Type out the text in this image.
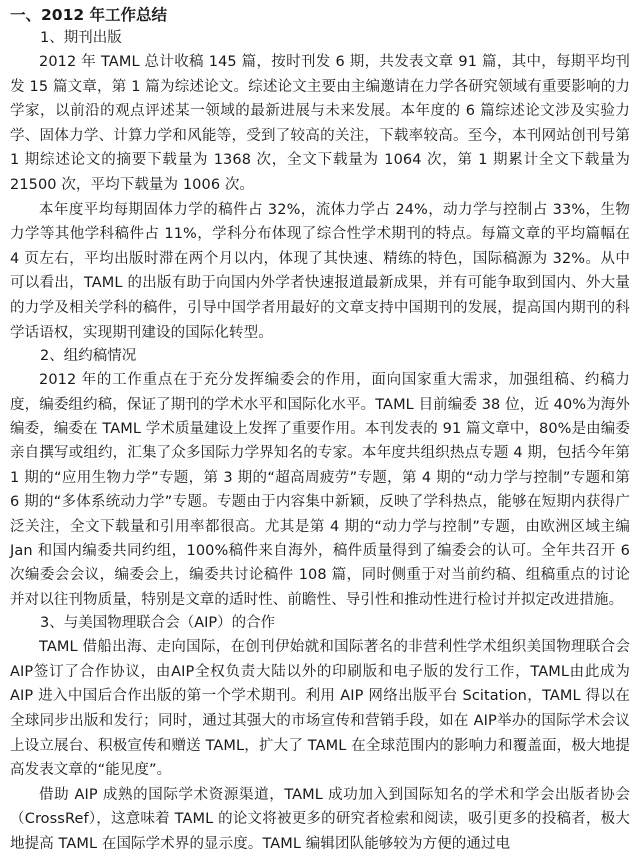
一、2012 年工作总结

1、期刊出版

2012 年 TAML 总计收稿 145 篇，按时刊发 6 期，共发表文章 91 篇，其中，每期平均刊发 15 篇文章，第 1 篇为综述论文。综述论文主要由主编邀请在力学各研究领域有重要影响的力学家，以前沿的观点评述某一领域的最新进展与未来发展。本年度的 6 篇综述论文涉及实验力学、固体力学、计算力学和风能等，受到了较高的关注，下载率较高。至今，本刊网站创刊号第 1 期综述论文的摘要下载量为 1368 次，全文下载量为 1064 次，第 1 期累计全文下载量为 21500 次，平均下载量为 1006 次。

本年度平均每期固体力学的稿件占 32%，流体力学占 24%，动力学与控制占 33%，生物力学等其他学科稿件占 11%，学科分布体现了综合性学术期刊的特点。每篇文章的平均篇幅在 4 页左右，平均出版时滞在两个月以内，体现了其快速、精练的特色，国际稿源为 32%。从中可以看出，TAML 的出版有助于向国内外学者快速报道最新成果，并有可能争取到国内、外大量的力学及相关学科的稿件，引导中国学者用最好的文章支持中国期刊的发展，提高国内期刊的科学话语权，实现期刊建设的国际化转型。

2、组约稿情况

2012 年的工作重点在于充分发挥编委会的作用，面向国家重大需求，加强组稿、约稿力度，编委组约稿，保证了期刊的学术水平和国际化水平。TAML 目前编委 38 位，近 40%为海外编委，编委在 TAML 学术质量建设上发挥了重要作用。本刊发表的 91 篇文章中，80%是由编委亲自撰写或组约，汇集了众多国际力学界知名的专家。本年度共组织热点专题 4 期，包括今年第 1 期的“应用生物力学”专题，第 3 期的“超高周疲劳”专题，第 4 期的“动力学与控制”专题和第 6 期的“多体系统动力学”专题。专题由于内容集中新颖，反映了学科热点，能够在短期内获得广泛关注，全文下载量和引用率都很高。尤其是第 4 期的“动力学与控制”专题，由欧洲区域主编 Jan 和国内编委共同约组，100%稿件来自海外，稿件质量得到了编委会的认可。全年共召开 6 次编委会会议，编委会上，编委共讨论稿件 108 篇，同时侧重于对当前约稿、组稿重点的讨论并对以往刊物质量，特别是文章的适时性、前瞻性、导引性和推动性进行检讨并拟定改进措施。

3、与美国物理联合会（AIP）的合作

TAML 借船出海、走向国际，在创刊伊始就和国际著名的非营利性学术组织美国物理联合会AIP签订了合作协议，由AIP全权负责大陆以外的印刷版和电子版的发行工作，TAML由此成为 AIP 进入中国后合作出版的第一个学术期刊。利用 AIP 网络出版平台 Scitation，TAML 得以在全球同步出版和发行；同时，通过其强大的市场宣传和营销手段，如在 AIP举办的国际学术会议上设立展台、积极宣传和赠送 TAML，扩大了 TAML 在全球范围内的影响力和覆盖面，极大地提高发表文章的“能见度”。

借助 AIP 成熟的国际学术资源渠道，TAML 成功加入到国际知名的学术和学会出版者协会（CrossRef），这意味着 TAML 的论文将被更多的研究者检索和阅读，吸引更多的投稿者，极大地提高 TAML 在国际学术界的显示度。TAML 编辑团队能够较为方便的通过电
